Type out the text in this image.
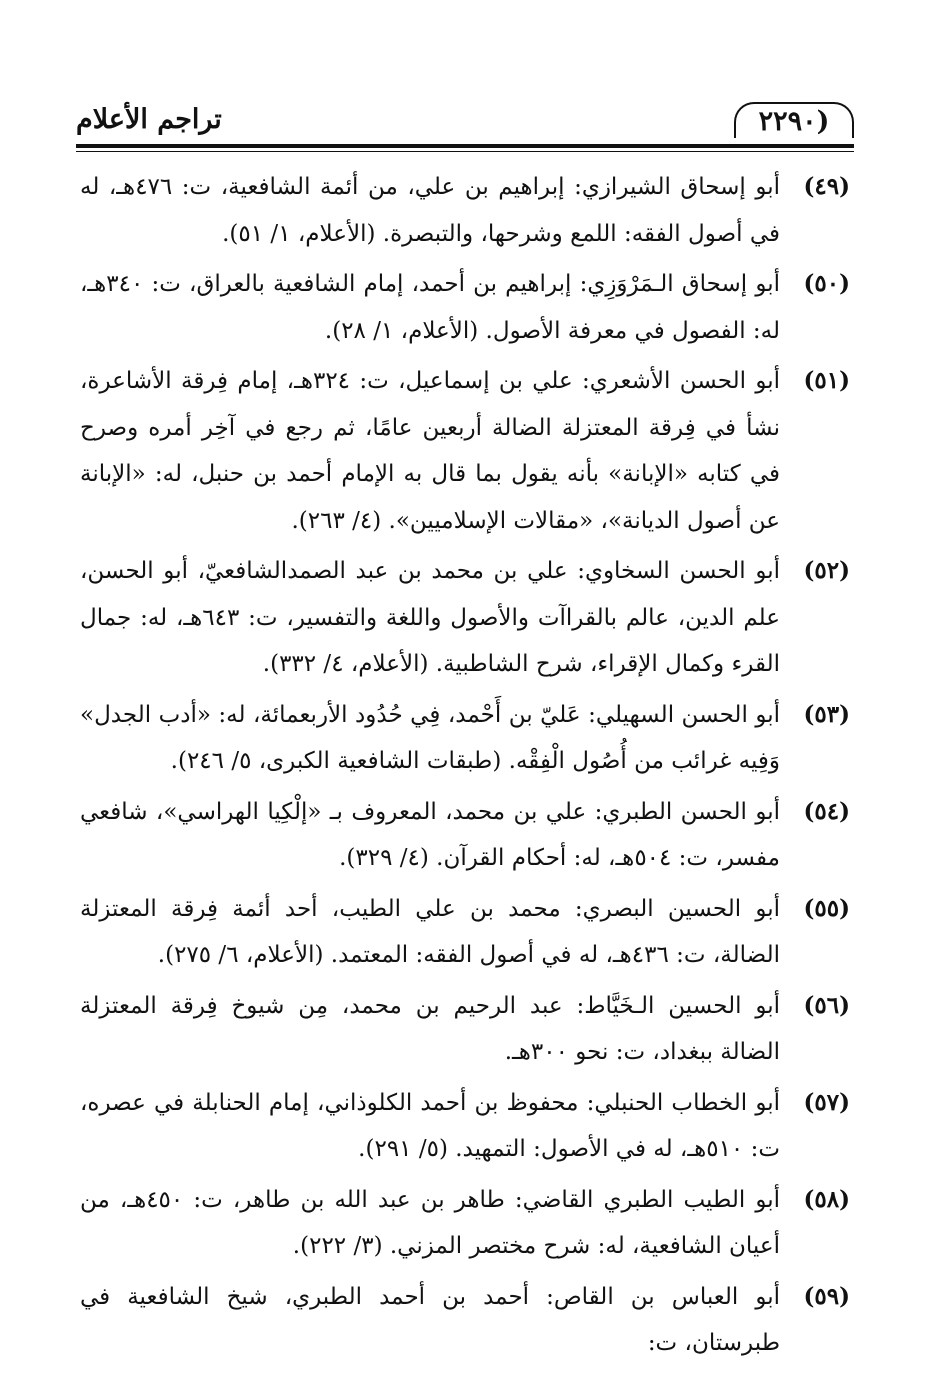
(٢٢٩٠
تراجم الأعلام
(٤٩)
أبو إسحاق الشيرازي: إبراهيم بن علي، من أئمة الشافعية، ت: ٤٧٦هـ، له في أصول الفقه: اللمع وشرحها، والتبصرة. (الأعلام، ١/ ٥١).
(٥٠)
أبو إسحاق الـمَرْوَزِي: إبراهيم بن أحمد، إمام الشافعية بالعراق، ت: ٣٤٠هـ، له: الفصول في معرفة الأصول. (الأعلام، ١/ ٢٨).
(٥١)
أبو الحسن الأشعري: علي بن إسماعيل، ت: ٣٢٤هـ، إمام فِرقة الأشاعرة، نشأ في فِرقة المعتزلة الضالة أربعين عامًا، ثم رجع في آخِر أمره وصرح في كتابه «الإبانة» بأنه يقول بما قال به الإمام أحمد بن حنبل، له: «الإبانة عن أصول الديانة»، «مقالات الإسلاميين». (٤/ ٢٦٣).
(٥٢)
أبو الحسن السخاوي: علي بن محمد بن عبد الصمدالشافعيّ، أبو الحسن، علم الدين، عالم بالقراآت والأصول واللغة والتفسير، ت: ٦٤٣هـ، له: جمال القرء وكمال الإقراء، شرح الشاطبية. (الأعلام، ٤/ ٣٣٢).
(٥٣)
أبو الحسن السهيلي: عَليّ بن أَحْمد، فِي حُدُود الأربعمائة، له: «أدب الجدل» وَفِيه غرائب من أُصُول الْفِقْه. (طبقات الشافعية الكبرى، ٥/ ٢٤٦).
(٥٤)
أبو الحسن الطبري: علي بن محمد، المعروف بـ «إلْكِيا الهراسي»، شافعي مفسر، ت: ٥٠٤هـ، له: أحكام القرآن. (٤/ ٣٢٩).
(٥٥)
أبو الحسين البصري: محمد بن علي الطيب، أحد أئمة فِرقة المعتزلة الضالة، ت: ٤٣٦هـ، له في أصول الفقه: المعتمد. (الأعلام، ٦/ ٢٧٥).
(٥٦)
أبو الحسين الـخَيَّاط: عبد الرحيم بن محمد، مِن شيوخ فِرقة المعتزلة الضالة ببغداد، ت: نحو ٣٠٠هـ.
(٥٧)
أبو الخطاب الحنبلي: محفوظ بن أحمد الكلوذاني، إمام الحنابلة في عصره، ت: ٥١٠هـ، له في الأصول: التمهيد. (٥/ ٢٩١).
(٥٨)
أبو الطيب الطبري القاضي: طاهر بن عبد الله بن طاهر، ت: ٤٥٠هـ، من أعيان الشافعية، له: شرح مختصر المزني. (٣/ ٢٢٢).
(٥٩)
أبو العباس بن القاص: أحمد بن أحمد الطبري، شيخ الشافعية في طبرستان، ت:
